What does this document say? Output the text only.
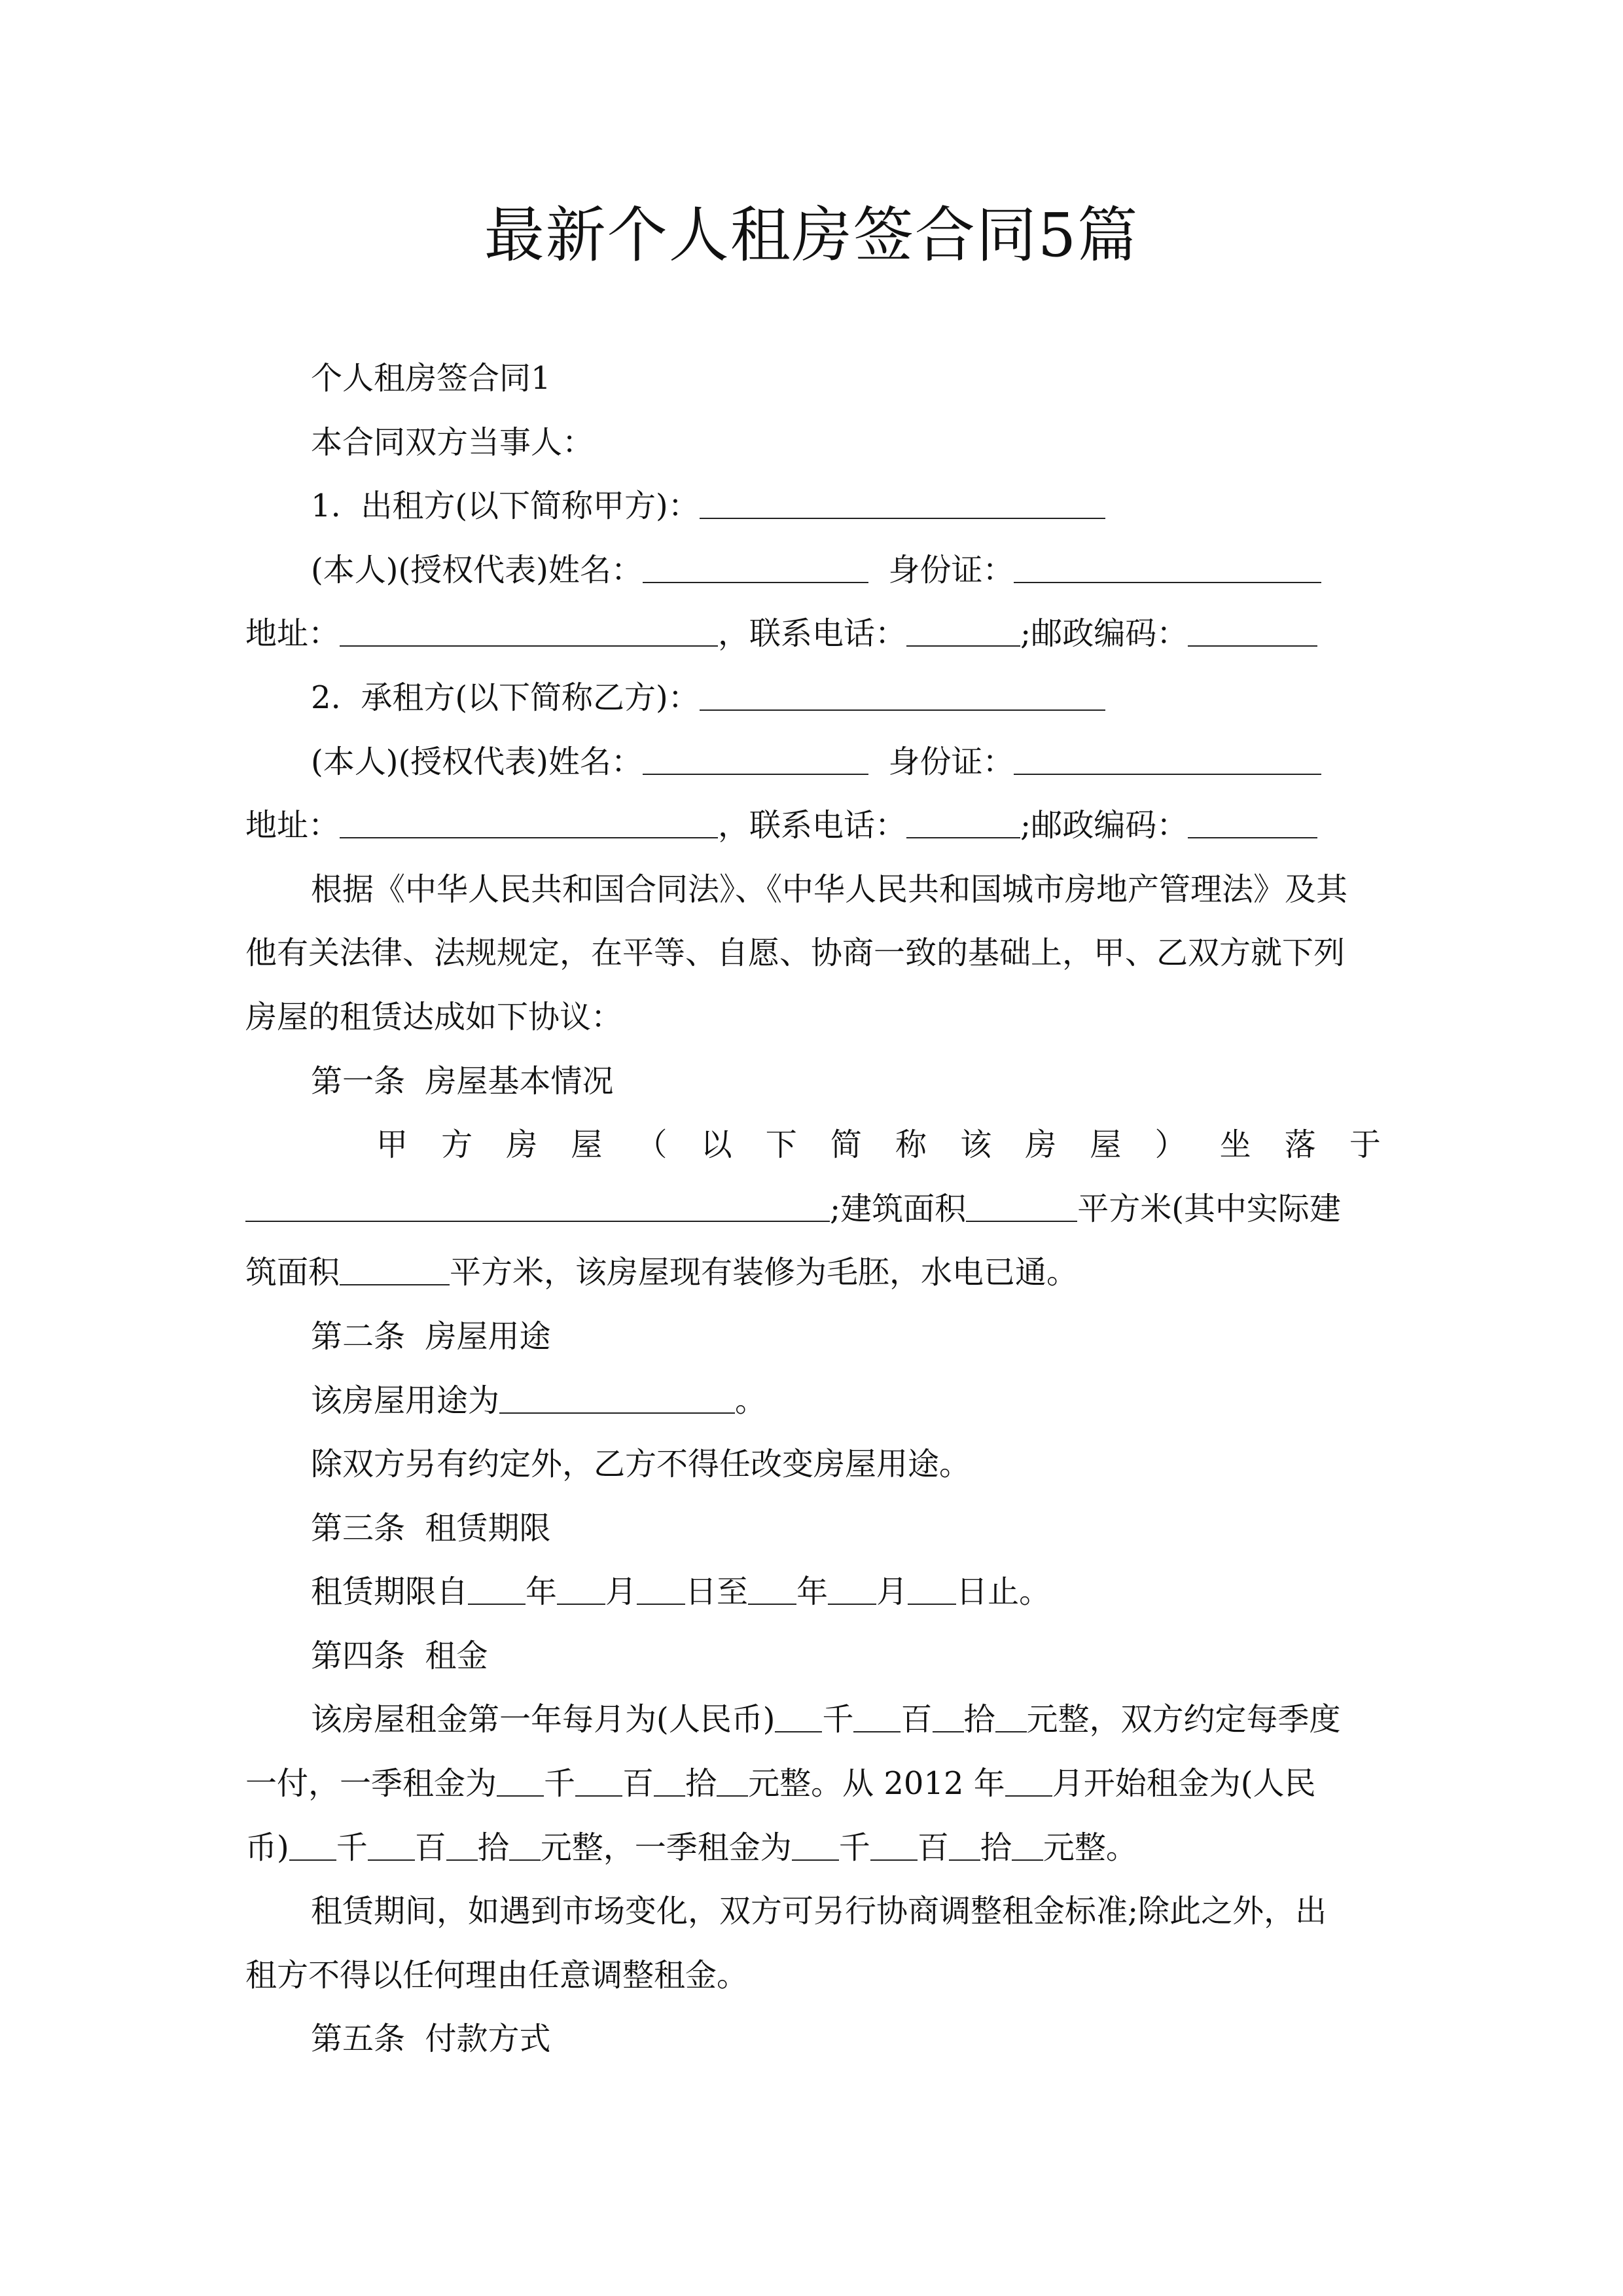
最新个人租房签合同5篇
个人租房签合同1
本合同双方当事人：
1.  出租方(以下简称甲方)：
(本人)(授权代表)姓名：	身份证：
地址：	，联系电话：	;邮政编码：
2.  承租方(以下简称乙方)：
(本人)(授权代表)姓名：	身份证：
地址：	，联系电话：	;邮政编码：
根据《中华人民共和国合同法》、《中华人民共和国城市房地产管理法》及其
他有关法律、法规规定，在平等、自愿、协商一致的基础上，甲、乙双方就下列
房屋的租赁达成如下协议：
第一条  房屋基本情况
甲 方 房 屋 （ 以 下 简 称 该 房 屋 ） 坐 落 于
;建筑面积	平方米(其中实际建
筑面积	平方米，该房屋现有装修为毛胚，水电已通。
第二条  房屋用途
该房屋用途为	。
除双方另有约定外，乙方不得任改变房屋用途。
第三条  租赁期限
租赁期限自 年 月 日至 年 月 日止。
第四条  租金
该房屋租金第一年每月为(人民币) 千 百 拾 元整，双方约定每季度
一付，一季租金为 千 百 拾 元整。从 2012 年 月开始租金为(人民
币) 千 百 拾 元整，一季租金为 千 百 拾 元整。
租赁期间，如遇到市场变化，双方可另行协商调整租金标准;除此之外，出
租方不得以任何理由任意调整租金。
第五条  付款方式
